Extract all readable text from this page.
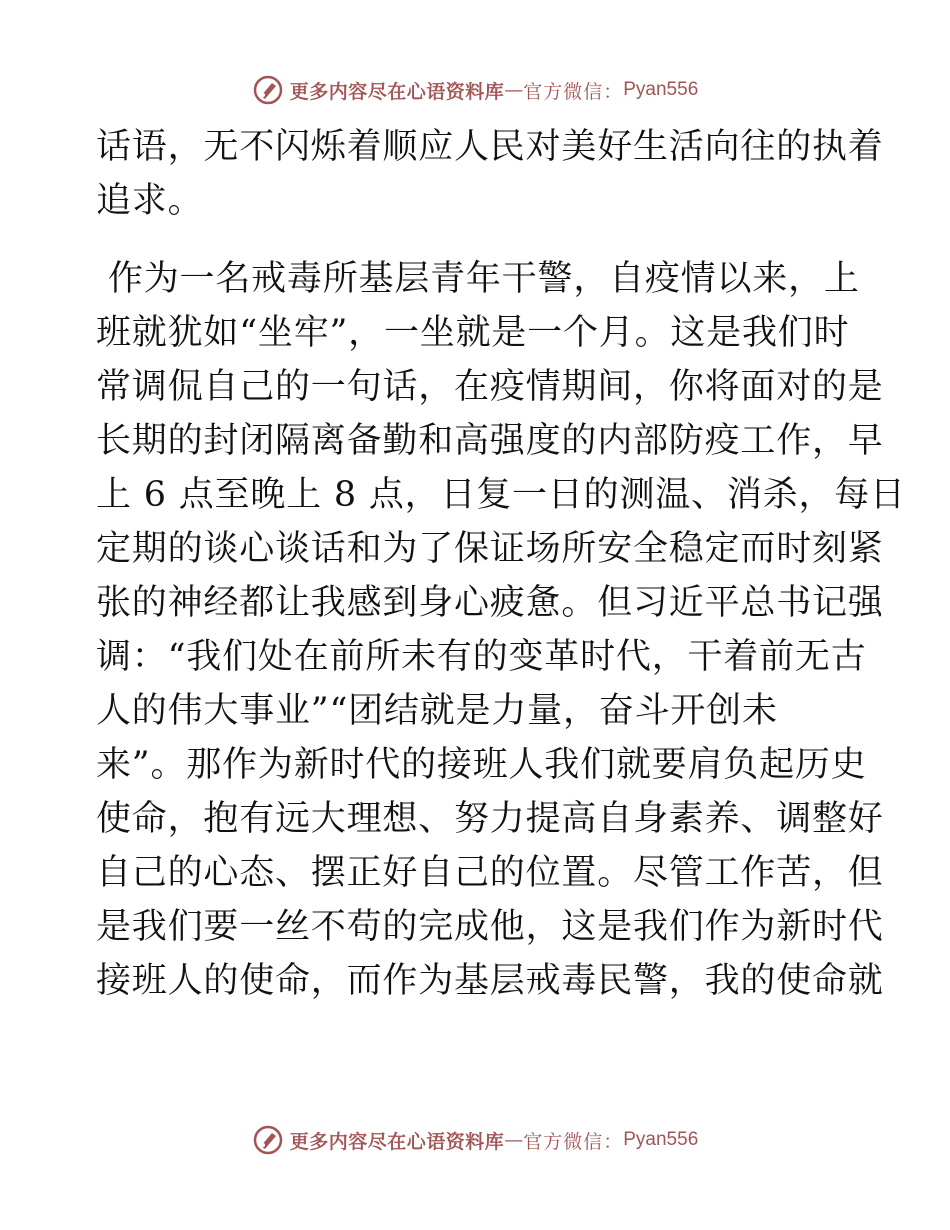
更多内容尽在心语资料库 — 官方微信： Pyan556
话语，无不闪烁着顺应人民对美好生活向往的执着
追求。
作为一名戒毒所基层青年干警，自疫情以来，上
班就犹如“坐牢”，一坐就是一个月。这是我们时
常调侃自己的一句话，在疫情期间，你将面对的是
长期的封闭隔离备勤和高强度的内部防疫工作，早
上 6 点至晚上 8 点，日复一日的测温、消杀，每日
定期的谈心谈话和为了保证场所安全稳定而时刻紧
张的神经都让我感到身心疲惫。但习近平总书记强
调：“我们处在前所未有的变革时代，干着前无古
人的伟大事业”“团结就是力量，奋斗开创未
来”。那作为新时代的接班人我们就要肩负起历史
使命，抱有远大理想、努力提高自身素养、调整好
自己的心态、摆正好自己的位置。尽管工作苦，但
是我们要一丝不苟的完成他，这是我们作为新时代
接班人的使命，而作为基层戒毒民警，我的使命就
更多内容尽在心语资料库 — 官方微信： Pyan556
